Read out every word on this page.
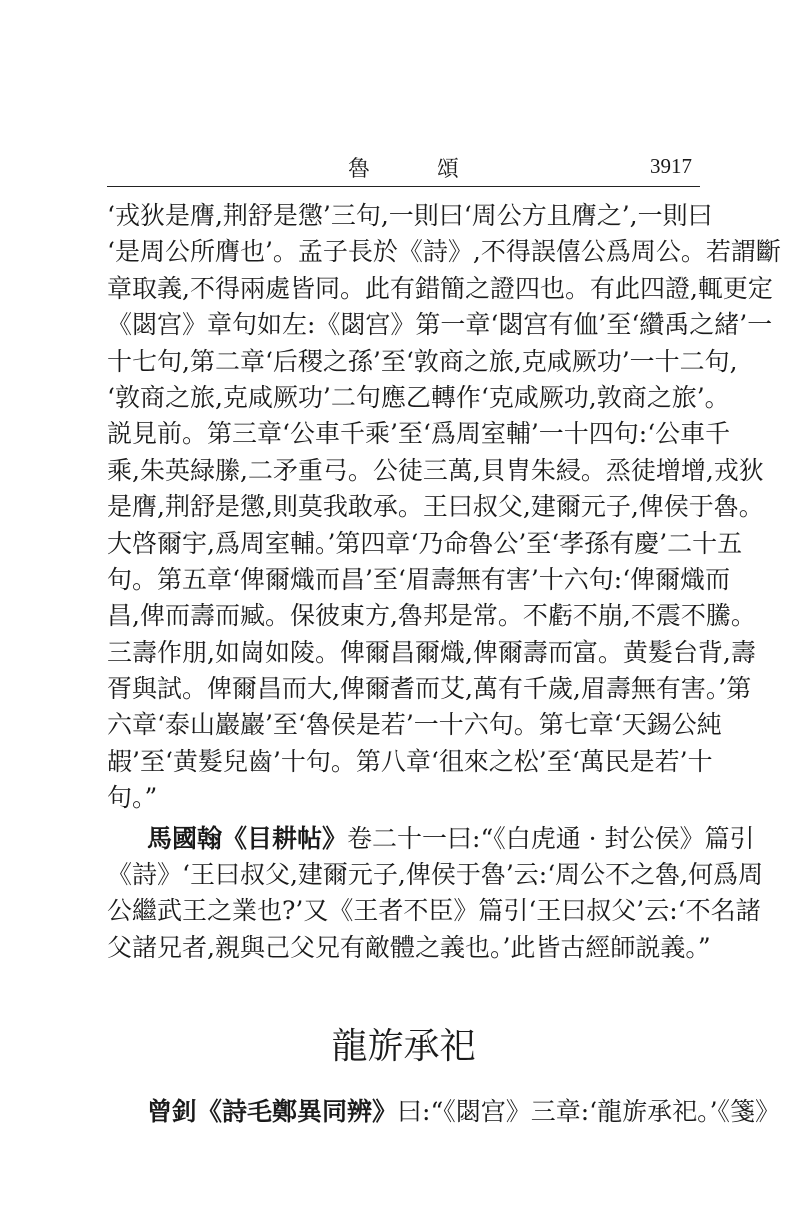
魯 頌	3917
‘戎狄是膺,荆舒是懲’三句,一則曰‘周公方且膺之’,一則曰
‘是周公所膺也’。孟子長於《詩》,不得誤僖公爲周公。若謂斷
章取義,不得兩處皆同。此有錯簡之證四也。有此四證,輒更定
《閟宫》章句如左:《閟宫》第一章‘閟宫有侐’至‘纘禹之緒’一
十七句,第二章‘后稷之孫’至‘敦商之旅,克咸厥功’一十二句,
‘敦商之旅,克咸厥功’二句應乙轉作‘克咸厥功,敦商之旅’。
説見前。第三章‘公車千乘’至‘爲周室輔’一十四句:‘公車千
乘,朱英緑縢,二矛重弓。公徒三萬,貝胄朱綅。烝徒增增,戎狄
是膺,荆舒是懲,則莫我敢承。王曰叔父,建爾元子,俾侯于魯。
大啓爾宇,爲周室輔。’第四章‘乃命魯公’至‘孝孫有慶’二十五
句。第五章‘俾爾熾而昌’至‘眉壽無有害’十六句:‘俾爾熾而
昌,俾而壽而臧。保彼東方,魯邦是常。不虧不崩,不震不騰。
三壽作朋,如崗如陵。俾爾昌爾熾,俾爾壽而富。黄髮台背,壽
胥與試。俾爾昌而大,俾爾耆而艾,萬有千歲,眉壽無有害。’第
六章‘泰山巖巖’至‘魯侯是若’一十六句。第七章‘天錫公純
嘏’至‘黄髮兒齒’十句。第八章‘徂來之松’至‘萬民是若’十
句。”
馬國翰《目耕帖》卷二十一曰:“《白虎通 · 封公侯》篇引
《詩》‘王曰叔父,建爾元子,俾侯于魯’云:‘周公不之魯,何爲周
公繼武王之業也?’又《王者不臣》篇引‘王曰叔父’云:‘不名諸
父諸兄者,親與己父兄有敵體之義也。’此皆古經師説義。”
龍旂承祀
曾釗《詩毛鄭異同辨》曰:“《閟宫》三章:‘龍旂承祀。’《箋》
